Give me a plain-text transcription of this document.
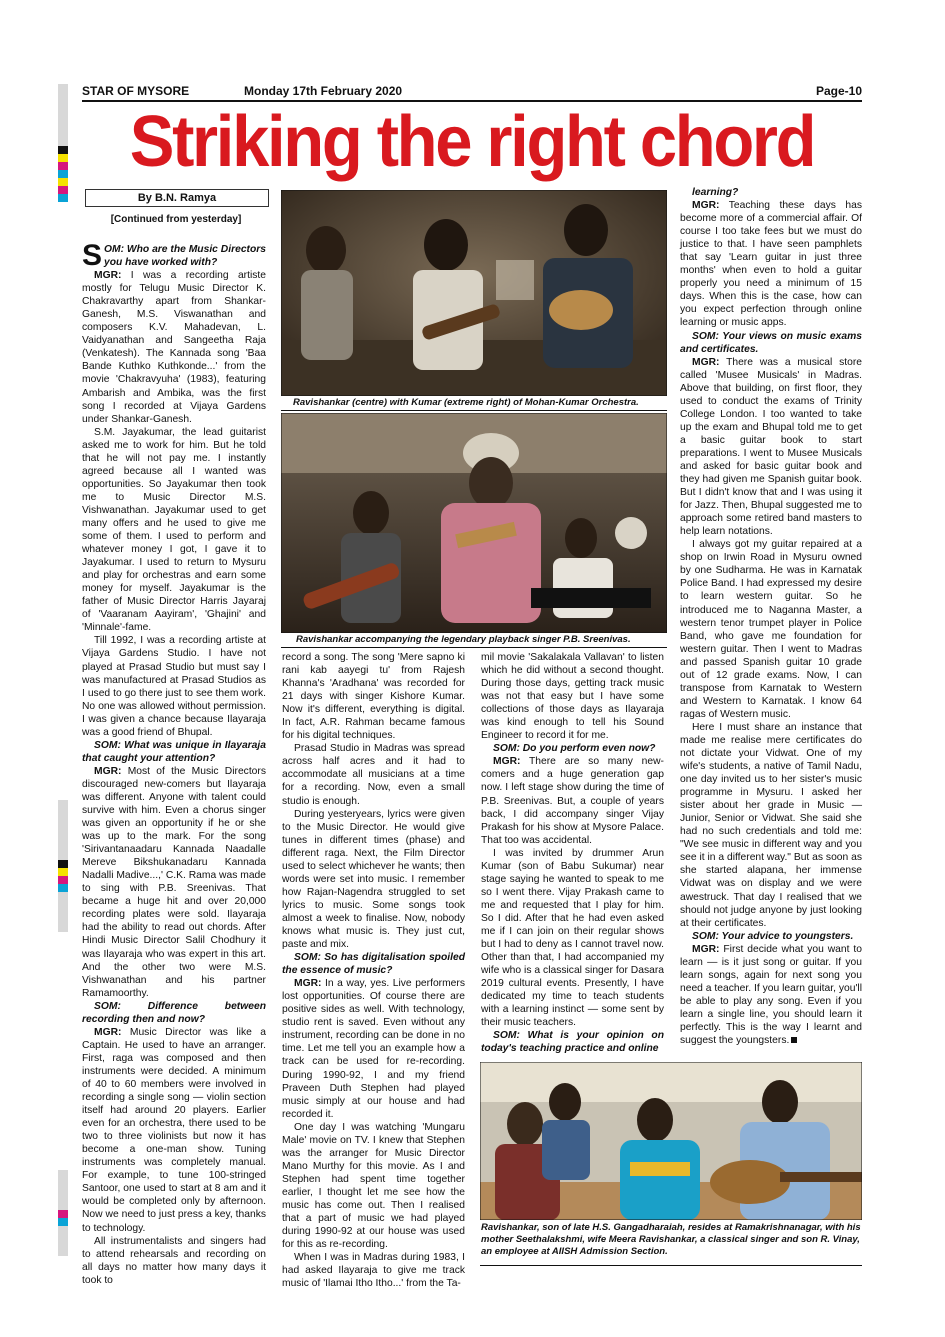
STAR OF MYSORE	Monday 17th February 2020	Page-10
Striking the right chord
By B.N. Ramya
[Continued from yesterday]

SOM: Who are the Music Directors you have worked with?

MGR: I was a recording artiste mostly for Telugu Music Director K. Chakravarthy apart from Shankar-Ganesh, M.S. Viswanathan and composers K.V. Mahadevan, L. Vaidyanathan and Sangeetha Raja (Venkatesh). The Kannada song 'Baa Bande Kuthko Kuthkonde...' from the movie 'Chakravyuha' (1983), featuring Ambarish and Ambika, was the first song I recorded at Vijaya Gardens under Shankar-Ganesh.

S.M. Jayakumar, the lead guitarist asked me to work for him. But he told that he will not pay me. I instantly agreed because all I wanted was opportunities. So Jayakumar then took me to Music Director M.S. Vishwanathan. Jayakumar used to get many offers and he used to give me some of them. I used to perform and whatever money I got, I gave it to Jayakumar. I used to return to Mysuru and play for orchestras and earn some money for myself. Jayakumar is the father of Music Director Harris Jayaraj of 'Vaaranam Aayiram', 'Ghajini' and 'Minnale'-fame.

Till 1992, I was a recording artiste at Vijaya Gardens Studio. I have not played at Prasad Studio but must say I was manufactured at Prasad Studios as I used to go there just to see them work. No one was allowed without permission. I was given a chance because Ilayaraja was a good friend of Bhupal.

SOM: What was unique in Ilayaraja that caught your attention?

MGR: Most of the Music Directors discouraged new-comers but Ilayaraja was different. Anyone with talent could survive with him. Even a chorus singer was given an opportunity if he or she was up to the mark. For the song 'Sirivantanaadaru Kannada Naadalle Mereve Bikshukanadaru Kannada Nadalli Madive...,' C.K. Rama was made to sing with P.B. Sreenivas. That became a huge hit and over 20,000 recording plates were sold. Ilayaraja had the ability to read out chords. After Hindi Music Director Salil Chodhury it was Ilayaraja who was expert in this art. And the other two were M.S. Vishwanathan and his partner Ramamoorthy.

SOM: Difference between recording then and now?

MGR: Music Director was like a Captain. He used to have an arranger. First, raga was composed and then instruments were decided. A minimum of 40 to 60 members were involved in recording a single song — violin section itself had around 20 players. Earlier even for an orchestra, there used to be two to three violinists but now it has become a one-man show. Tuning instruments was completely manual. For example, to tune 100-stringed Santoor, one used to start at 8 am and it would be completed only by afternoon. Now we need to just press a key, thanks to technology.

All instrumentalists and singers had to attend rehearsals and recording on all days no matter how many days it took to

Ravishankar (centre) with Kumar (extreme right) of Mohan-Kumar Orchestra.
Ravishankar accompanying the legendary playback singer P.B. Sreenivas.

record a song. The song 'Mere sapno ki rani kab aayegi tu' from Rajesh Khanna's 'Aradhana' was recorded for 21 days with singer Kishore Kumar. Now it's different, everything is digital. In fact, A.R. Rahman became famous for his digital techniques.

Prasad Studio in Madras was spread across half acres and it had to accommodate all musicians at a time for a recording. Now, even a small studio is enough.

During yesteryears, lyrics were given to the Music Director. He would give tunes in different times (phase) and different raga. Next, the Film Director used to select whichever he wants; then words were set into music. I remember how Rajan-Nagendra struggled to set lyrics to music. Some songs took almost a week to finalise. Now, nobody knows what music is. They just cut, paste and mix.

SOM: So has digitalisation spoiled the essence of music?

MGR: In a way, yes. Live performers lost opportunities. Of course there are positive sides as well. With technology, studio rent is saved. Even without any instrument, recording can be done in no time. Let me tell you an example how a track can be used for re-recording. During 1990-92, I and my friend Praveen Duth Stephen had played music simply at our house and had recorded it.

One day I was watching 'Mungaru Male' movie on TV. I knew that Stephen was the arranger for Music Director Mano Murthy for this movie. As I and Stephen had spent time together earlier, I thought let me see how the music has come out. Then I realised that a part of music we had played during 1990-92 at our house was used for this as re-recording.

When I was in Madras during 1983, I had asked Ilayaraja to give me track music of 'Ilamai Itho Itho...' from the Ta-

mil movie 'Sakalakala Vallavan' to listen which he did without a second thought. During those days, getting track music was not that easy but I have some collections of those days as Ilayaraja was kind enough to tell his Sound Engineer to record it for me.

SOM: Do you perform even now?

MGR: There are so many new-comers and a huge generation gap now. I left stage show during the time of P.B. Sreenivas. But, a couple of years back, I did accompany singer Vijay Prakash for his show at Mysore Palace. That too was accidental.

I was invited by drummer Arun Kumar (son of Babu Sukumar) near stage saying he wanted to speak to me so I went there. Vijay Prakash came to me and requested that I play for him. So I did. After that he had even asked me if I can join on their regular shows but I had to deny as I cannot travel now. Other than that, I had accompanied my wife who is a classical singer for Dasara 2019 cultural events. Presently, I have dedicated my time to teach students with a learning instinct — some sent by their music teachers.

SOM: What is your opinion on today's teaching practice and online

learning?

MGR: Teaching these days has become more of a commercial affair. Of course I too take fees but we must do justice to that. I have seen pamphlets that say 'Learn guitar in just three months' when even to hold a guitar properly you need a minimum of 15 days. When this is the case, how can you expect perfection through online learning or music apps.

SOM: Your views on music exams and certificates.

MGR: There was a musical store called 'Musee Musicals' in Madras. Above that building, on first floor, they used to conduct the exams of Trinity College London. I too wanted to take up the exam and Bhupal told me to get a basic guitar book to start preparations. I went to Musee Musicals and asked for basic guitar book and they had given me Spanish guitar book. But I didn't know that and I was using it for Jazz. Then, Bhupal suggested me to approach some retired band masters to help learn notations.

I always got my guitar repaired at a shop on Irwin Road in Mysuru owned by one Sudharma. He was in Karnatak Police Band. I had expressed my desire to learn western guitar. So he introduced me to Naganna Master, a western tenor trumpet player in Police Band, who gave me foundation for western guitar. Then I went to Madras and passed Spanish guitar 10 grade out of 12 grade exams. Now, I can transpose from Karnatak to Western and Western to Karnatak. I know 64 ragas of Western music.

Here I must share an instance that made me realise mere certificates do not dictate your Vidwat. One of my wife's students, a native of Tamil Nadu, one day invited us to her sister's music programme in Mysuru. I asked her sister about her grade in Music — Junior, Senior or Vidwat. She said she had no such credentials and told me: "We see music in different way and you see it in a different way." But as soon as she started alapana, her immense Vidwat was on display and we were awestruck. That day I realised that we should not judge anyone by just looking at their certificates.

SOM: Your advice to youngsters.

MGR: First decide what you want to learn — is it just song or guitar. If you learn songs, again for next song you need a teacher. If you learn guitar, you'll be able to play any song. Even if you learn a single line, you should learn it perfectly. This is the way I learnt and suggest the youngsters.

Ravishankar, son of late H.S. Gangadharaiah, resides at Ramakrishnanagar, with his mother Seethalakshmi, wife Meera Ravishankar, a classical singer and son R. Vinay, an employee at AIISH Admission Section.
